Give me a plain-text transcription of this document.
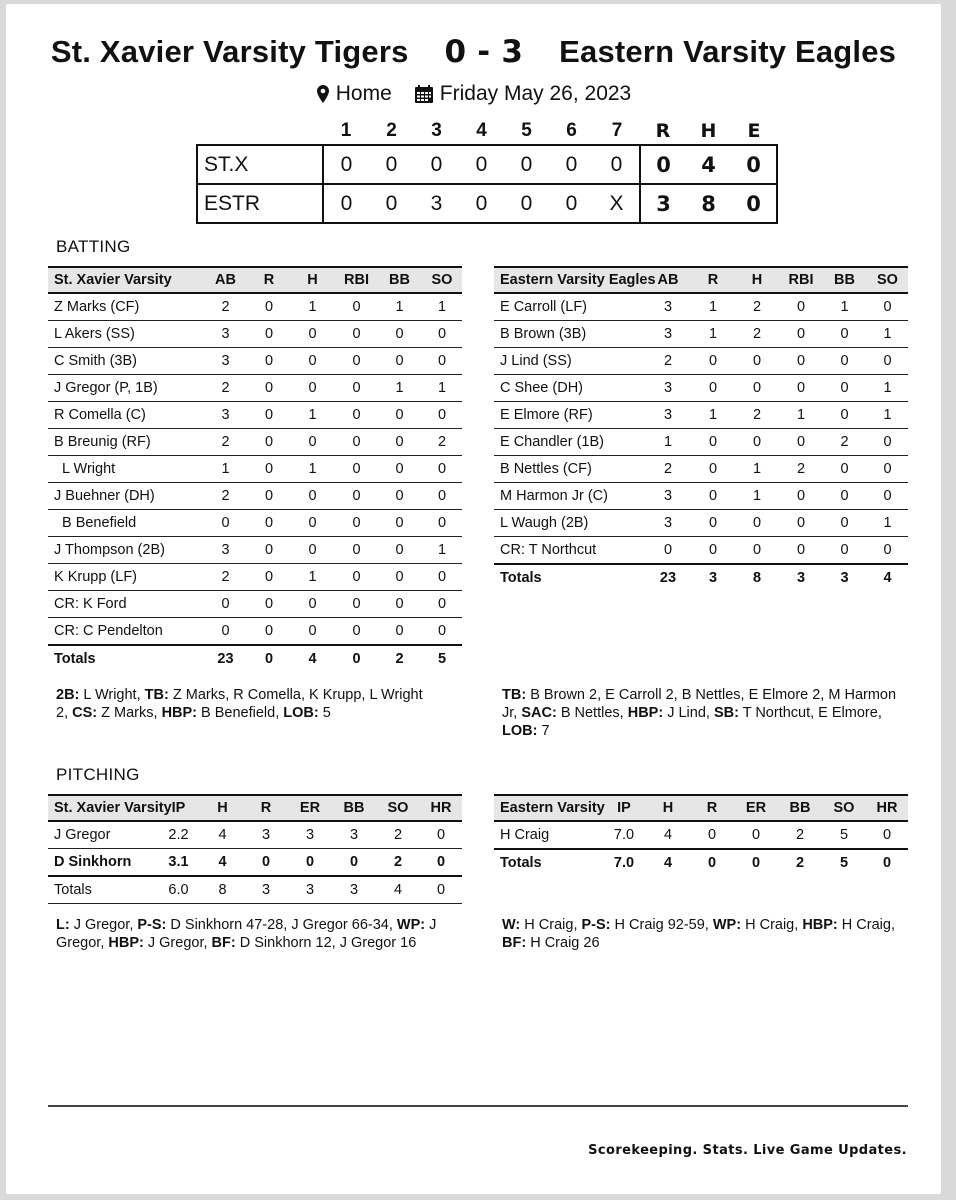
St. Xavier Varsity Tigers 0 - 3 Eastern Varsity Eagles
Home Friday May 26, 2023
	1	2	3	4	5	6	7	R	H	E
ST.X	0	0	0	0	0	0	0	0	4	0
ESTR	0	0	3	0	0	0	X	3	8	0
BATTING
St. Xavier Varsity	AB	R	H	RBI	BB	SO
Z Marks (CF)	2	0	1	0	1	1
L Akers (SS)	3	0	0	0	0	0
C Smith (3B)	3	0	0	0	0	0
J Gregor (P, 1B)	2	0	0	0	1	1
R Comella (C)	3	0	1	0	0	0
B Breunig (RF)	2	0	0	0	0	2
L Wright	1	0	1	0	0	0
J Buehner (DH)	2	0	0	0	0	0
B Benefield	0	0	0	0	0	0
J Thompson (2B)	3	0	0	0	0	1
K Krupp (LF)	2	0	1	0	0	0
CR: K Ford	0	0	0	0	0	0
CR: C Pendelton	0	0	0	0	0	0
Totals	23	0	4	0	2	5
Eastern Varsity Eagles	AB	R	H	RBI	BB	SO
E Carroll (LF)	3	1	2	0	1	0
B Brown (3B)	3	1	2	0	0	1
J Lind (SS)	2	0	0	0	0	0
C Shee (DH)	3	0	0	0	0	1
E Elmore (RF)	3	1	2	1	0	1
E Chandler (1B)	1	0	0	0	2	0
B Nettles (CF)	2	0	1	2	0	0
M Harmon Jr (C)	3	0	1	0	0	0
L Waugh (2B)	3	0	0	0	0	1
CR: T Northcut	0	0	0	0	0	0
Totals	23	3	8	3	3	4
2B: L Wright, TB: Z Marks, R Comella, K Krupp, L Wright 2, CS: Z Marks, HBP: B Benefield, LOB: 5
TB: B Brown 2, E Carroll 2, B Nettles, E Elmore 2, M Harmon Jr, SAC: B Nettles, HBP: J Lind, SB: T Northcut, E Elmore, LOB: 7
PITCHING
St. Xavier Varsity	IP	H	R	ER	BB	SO	HR
J Gregor	2.2	4	3	3	3	2	0
D Sinkhorn	3.1	4	0	0	0	2	0
Totals	6.0	8	3	3	3	4	0
Eastern Varsity	IP	H	R	ER	BB	SO	HR
H Craig	7.0	4	0	0	2	5	0
Totals	7.0	4	0	0	2	5	0
L: J Gregor, P-S: D Sinkhorn 47-28, J Gregor 66-34, WP: J Gregor, HBP: J Gregor, BF: D Sinkhorn 12, J Gregor 16
W: H Craig, P-S: H Craig 92-59, WP: H Craig, HBP: H Craig, BF: H Craig 26
Scorekeeping. Stats. Live Game Updates.
